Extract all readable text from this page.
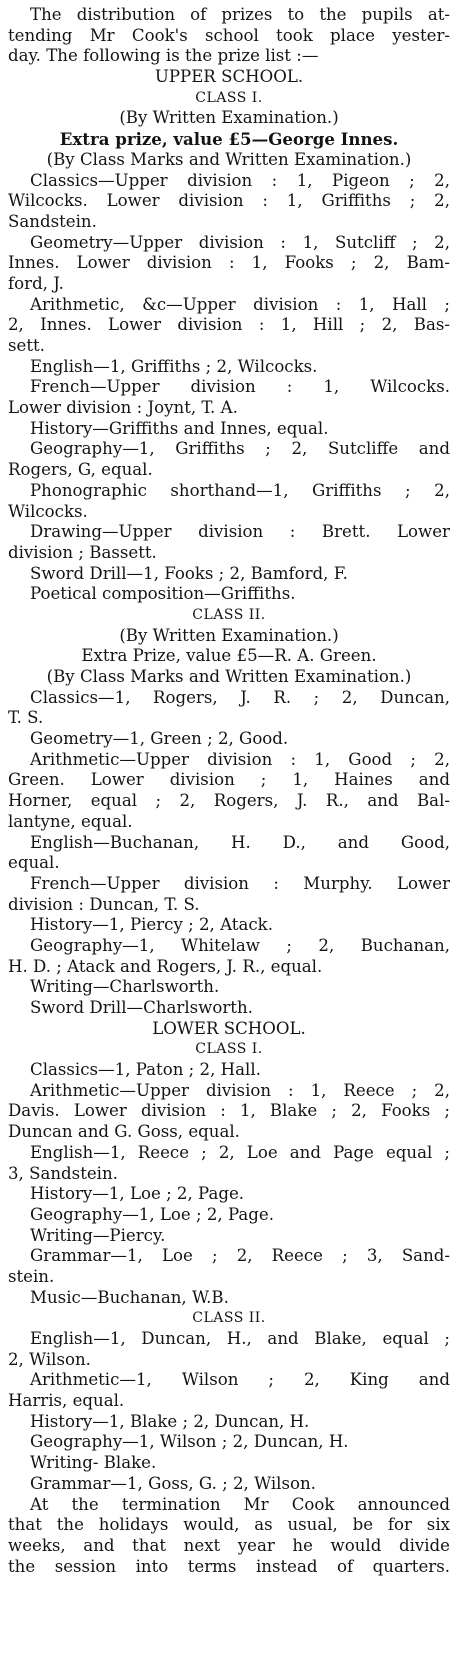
The distribution of prizes to the pupils at-
tending Mr Cook's school took place yester-
day. The following is the prize list :—
UPPER SCHOOL.
CLASS I.
(By Written Examination.)
Extra prize, value £5—George Innes.
(By Class Marks and Written Examination.)
Classics—Upper division : 1, Pigeon ; 2,
Wilcocks. Lower division : 1, Griffiths ; 2,
Sandstein.
Geometry—Upper division : 1, Sutcliff ; 2,
Innes. Lower division : 1, Fooks ; 2, Bam-
ford, J.
Arithmetic, &c—Upper division : 1, Hall ;
2, Innes. Lower division : 1, Hill ; 2, Bas-
sett.
English—1, Griffiths ; 2, Wilcocks.
French—Upper division : 1, Wilcocks.
Lower division : Joynt, T. A.
History—Griffiths and Innes, equal.
Geography—1, Griffiths ; 2, Sutcliffe and
Rogers, G, equal.
Phonographic shorthand—1, Griffiths ; 2,
Wilcocks.
Drawing—Upper division : Brett. Lower
division ; Bassett.
Sword Drill—1, Fooks ; 2, Bamford, F.
Poetical composition—Griffiths.
CLASS II.
(By Written Examination.)
Extra Prize, value £5—R. A. Green.
(By Class Marks and Written Examination.)
Classics—1, Rogers, J. R. ; 2, Duncan,
T. S.
Geometry—1, Green ; 2, Good.
Arithmetic—Upper division : 1, Good ; 2,
Green. Lower division ; 1, Haines and
Horner, equal ; 2, Rogers, J. R., and Bal-
lantyne, equal.
English—Buchanan, H. D., and Good,
equal.
French—Upper division : Murphy. Lower
division : Duncan, T. S.
History—1, Piercy ; 2, Atack.
Geography—1, Whitelaw ; 2, Buchanan,
H. D. ; Atack and Rogers, J. R., equal.
Writing—Charlsworth.
Sword Drill—Charlsworth.
LOWER SCHOOL.
CLASS I.
Classics—1, Paton ; 2, Hall.
Arithmetic—Upper division : 1, Reece ; 2,
Davis. Lower division : 1, Blake ; 2, Fooks ;
Duncan and G. Goss, equal.
English—1, Reece ; 2, Loe and Page equal ;
3, Sandstein.
History—1, Loe ; 2, Page.
Geography—1, Loe ; 2, Page.
Writing—Piercy.
Grammar—1, Loe ; 2, Reece ; 3, Sand-
stein.
Music—Buchanan, W.B.
CLASS II.
English—1, Duncan, H., and Blake, equal ;
2, Wilson.
Arithmetic—1, Wilson ; 2, King and
Harris, equal.
History—1, Blake ; 2, Duncan, H.
Geography—1, Wilson ; 2, Duncan, H.
Writing- Blake.
Grammar—1, Goss, G. ; 2, Wilson.
At the termination Mr Cook announced
that the holidays would, as usual, be for six
weeks, and that next year he would divide
the session into terms instead of quarters.
